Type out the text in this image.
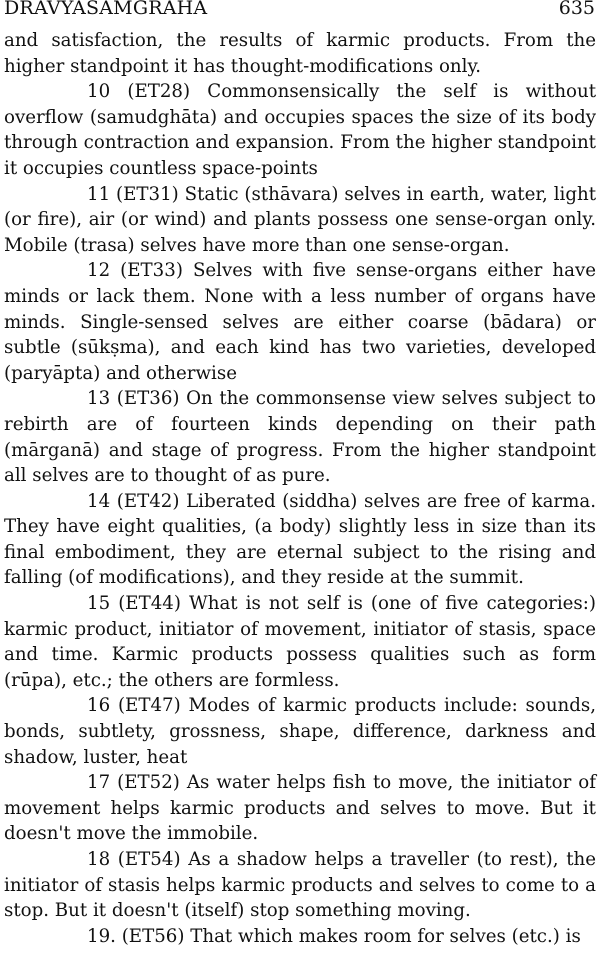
DRAVYASAMGRAHA	635

and satisfaction, the results of karmic products. From the higher standpoint it has thought-modifications only.

10 (ET28) Commonsensically the self is without overflow (samudghāta) and occupies spaces the size of its body through contraction and expansion. From the higher standpoint it occupies countless space-points

11 (ET31) Static (sthāvara) selves in earth, water, light (or fire), air (or wind) and plants possess one sense-organ only. Mobile (trasa) selves have more than one sense-organ.

12 (ET33) Selves with five sense-organs either have minds or lack them. None with a less number of organs have minds. Single-sensed selves are either coarse (bādara) or subtle (sūkṣma), and each kind has two varieties, developed (paryāpta) and otherwise

13 (ET36) On the commonsense view selves subject to rebirth are of fourteen kinds depending on their path (mārganā) and stage of progress. From the higher standpoint all selves are to thought of as pure.

14 (ET42) Liberated (siddha) selves are free of karma. They have eight qualities, (a body) slightly less in size than its final embodiment, they are eternal subject to the rising and falling (of modifications), and they reside at the summit.

15 (ET44) What is not self is (one of five categories:) karmic product, initiator of movement, initiator of stasis, space and time. Karmic products possess qualities such as form (rūpa), etc.; the others are formless.

16 (ET47) Modes of karmic products include: sounds, bonds, subtlety, grossness, shape, difference, darkness and shadow, luster, heat

17 (ET52) As water helps fish to move, the initiator of movement helps karmic products and selves to move. But it doesn't move the immobile.

18 (ET54) As a shadow helps a traveller (to rest), the initiator of stasis helps karmic products and selves to come to a stop. But it doesn't (itself) stop something moving.

19. (ET56) That which makes room for selves (etc.) is
